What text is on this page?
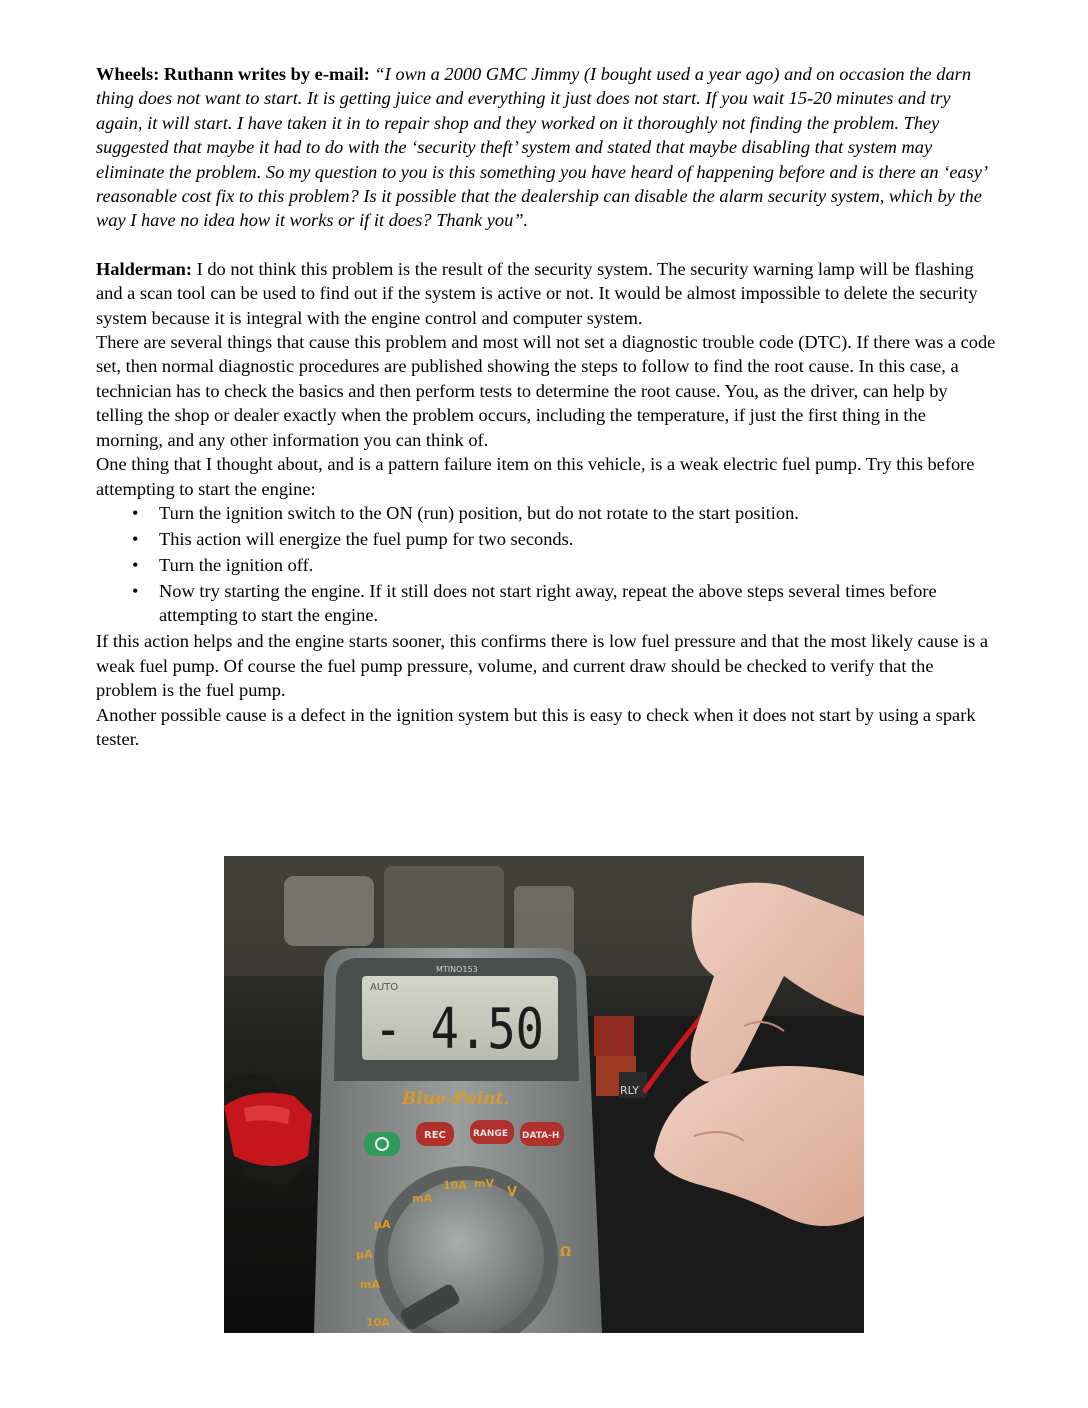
Wheels: Ruthann writes by e-mail: “I own a 2000 GMC Jimmy (I bought used a year ago) and on occasion the darn thing does not want to start. It is getting juice and everything it just does not start. If you wait 15-20 minutes and try again, it will start. I have taken it in to repair shop and they worked on it thoroughly not finding the problem. They suggested that maybe it had to do with the ‘security theft’ system and stated that maybe disabling that system may eliminate the problem. So my question to you is this something you have heard of happening before and is there an ‘easy’ reasonable cost fix to this problem? Is it possible that the dealership can disable the alarm security system, which by the way I have no idea how it works or if it does? Thank you”.

Halderman: I do not think this problem is the result of the security system. The security warning lamp will be flashing and a scan tool can be used to find out if the system is active or not. It would be almost impossible to delete the security system because it is integral with the engine control and computer system.

There are several things that cause this problem and most will not set a diagnostic trouble code (DTC). If there was a code set, then normal diagnostic procedures are published showing the steps to follow to find the root cause. In this case, a technician has to check the basics and then perform tests to determine the root cause. You, as the driver, can help by telling the shop or dealer exactly when the problem occurs, including the temperature, if just the first thing in the morning, and any other information you can think of.

One thing that I thought about, and is a pattern failure item on this vehicle, is a weak electric fuel pump. Try this before attempting to start the engine:

• Turn the ignition switch to the ON (run) position, but do not rotate to the start position.
• This action will energize the fuel pump for two seconds.
• Turn the ignition off.
• Now try starting the engine. If it still does not start right away, repeat the above steps several times before attempting to start the engine.

If this action helps and the engine starts sooner, this confirms there is low fuel pressure and that the most likely cause is a weak fuel pump. Of course the fuel pump pressure, volume, and current draw should be checked to verify that the problem is the fuel pump.

Another possible cause is a defect in the ignition system but this is easy to check when it does not start by using a spark tester.

RLY
MTINO153
AUTO
- 4.50
Blue-Point.
REC	RANGE DATA-H
mA
10A mV
V
µA
Ω
µA
mA
10A
